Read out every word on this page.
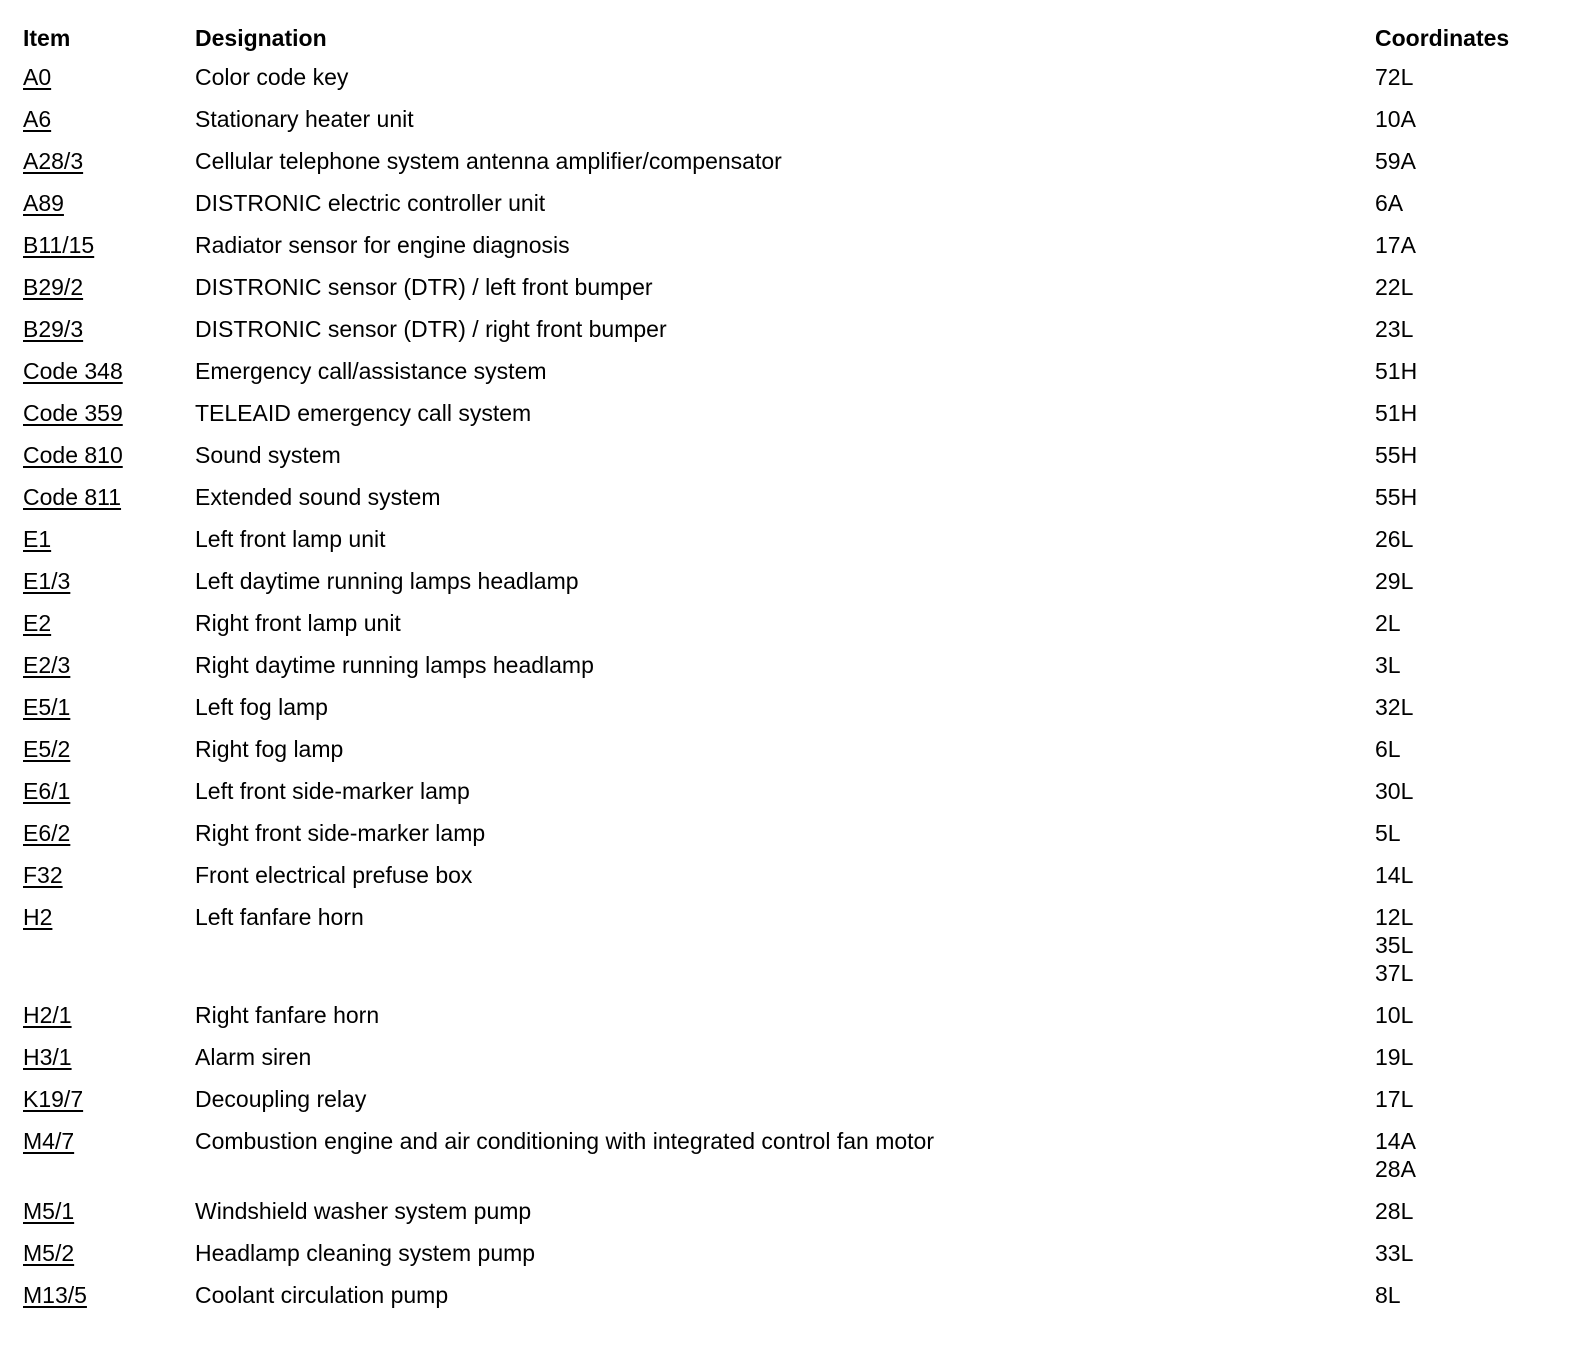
Item	Designation	Coordinates
A0	Color code key	72L

A6	Stationary heater unit	10A

A28/3	Cellular telephone system antenna amplifier/compensator	59A

A89	DISTRONIC electric controller unit	6A

B11/15	Radiator sensor for engine diagnosis	17A

B29/2	DISTRONIC sensor (DTR) / left front bumper	22L

B29/3	DISTRONIC sensor (DTR) / right front bumper	23L

Code 348	Emergency call/assistance system	51H

Code 359	TELEAID emergency call system	51H

Code 810	Sound system	55H

Code 811	Extended sound system	55H

E1	Left front lamp unit	26L

E1/3	Left daytime running lamps headlamp	29L

E2	Right front lamp unit	2L

E2/3	Right daytime running lamps headlamp	3L

E5/1	Left fog lamp	32L

E5/2	Right fog lamp	6L

E6/1	Left front side-marker lamp	30L

E6/2	Right front side-marker lamp	5L

F32	Front electrical prefuse box	14L

H2	Left fanfare horn	12L
35L
37L

H2/1	Right fanfare horn	10L

H3/1	Alarm siren	19L

K19/7	Decoupling relay	17L

M4/7	Combustion engine and air conditioning with integrated control fan motor	14A
28A

M5/1	Windshield washer system pump	28L

M5/2	Headlamp cleaning system pump	33L

M13/5	Coolant circulation pump	8L
